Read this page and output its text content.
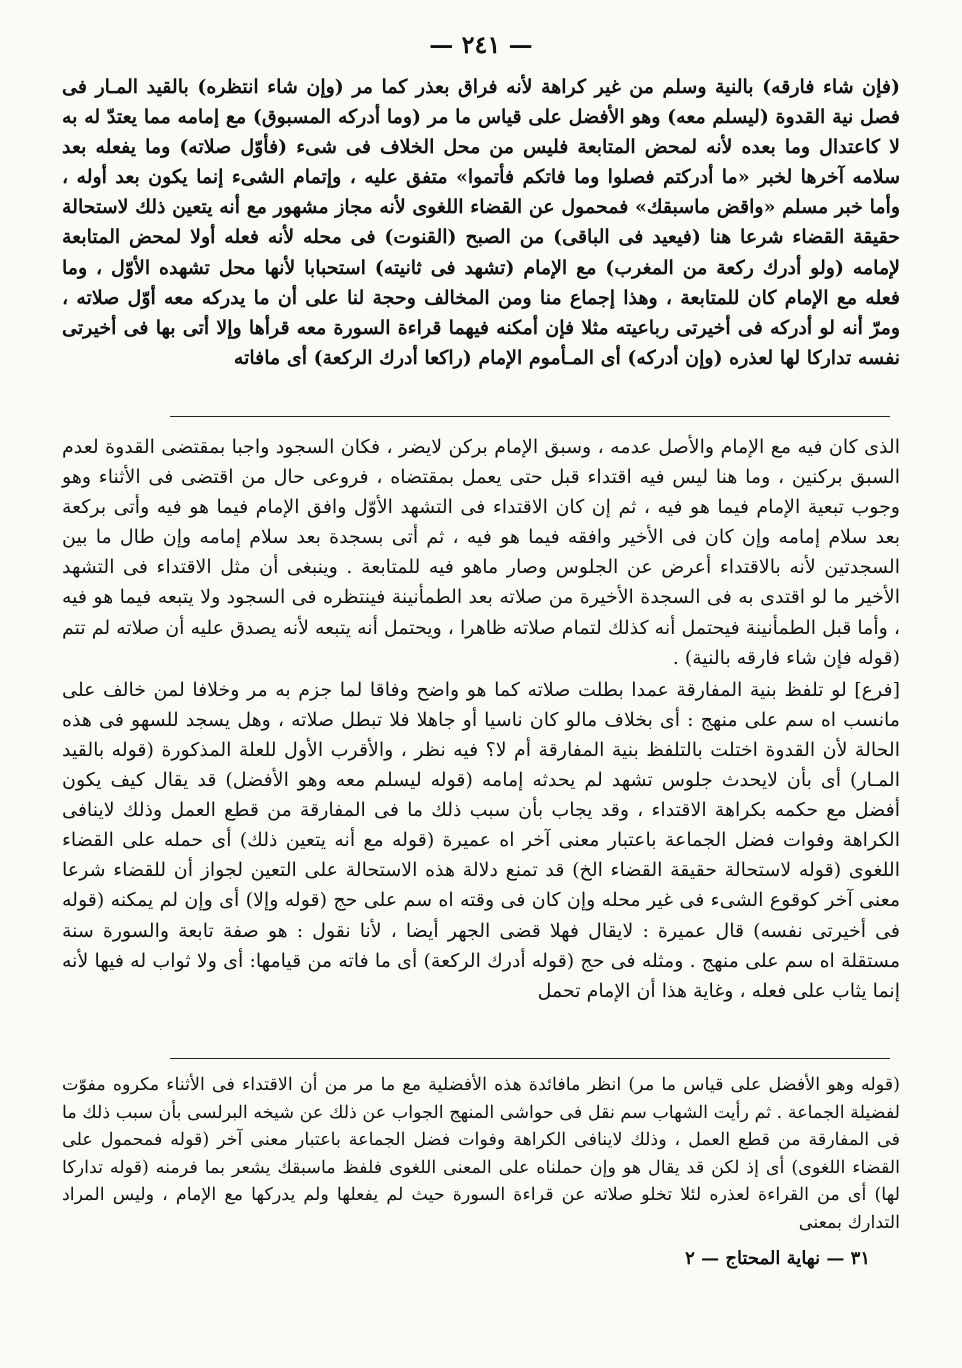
— ٢٤١ —

(فإن شاء فارقه) بالنية وسلم من غير كراهة لأنه فراق بعذر كما مر (وإن شاء انتظره) بالقيد المـار فى فصل نية القدوة (ليسلم معه) وهو الأفضل على قياس ما مر (وما أدركه المسبوق) مع إمامه مما يعتدّ له به لا كاعتدال وما بعده لأنه لمحض المتابعة فليس من محل الخلاف فى شىء (فأوّل صلاته) وما يفعله بعد سلامه آخرها لخبر «ما أدركتم فصلوا وما فاتكم فأتموا» متفق عليه ، وإتمام الشىء إنما يكون بعد أوله ، وأما خبر مسلم «واقض ماسبقك» فمحمول عن القضاء اللغوى لأنه مجاز مشهور مع أنه يتعين ذلك لاستحالة حقيقة القضاء شرعا هنا (فيعيد فى الباقى) من الصبح (القنوت) فى محله لأنه فعله أولا لمحض المتابعة لإمامه (ولو أدرك ركعة من المغرب) مع الإمام (تشهد فى ثانيته) استحبابا لأنها محل تشهده الأوّل ، وما فعله مع الإمام كان للمتابعة ، وهذا إجماع منا ومن المخالف وحجة لنا على أن ما يدركه معه أوّل صلاته ، ومرّ أنه لو أدركه فى أخيرتى رباعيته مثلا فإن أمكنه فيهما قراءة السورة معه قرأها وإلا أتى بها فى أخيرتى نفسه تداركا لها لعذره (وإن أدركه) أى المـأموم الإمام (راكعا أدرك الركعة) أى مافاته

الذى كان فيه مع الإمام والأصل عدمه ، وسبق الإمام بركن لايضر ، فكان السجود واجبا بمقتضى القدوة لعدم السبق بركنين ، وما هنا ليس فيه اقتداء قبل حتى يعمل بمقتضاه ، فروعى حال من اقتضى فى الأثناء وهو وجوب تبعية الإمام فيما هو فيه ، ثم إن كان الاقتداء فى التشهد الأوّل وافق الإمام فيما هو فيه وأتى بركعة بعد سلام إمامه وإن كان فى الأخير وافقه فيما هو فيه ، ثم أتى بسجدة بعد سلام إمامه وإن طال ما بين السجدتين لأنه بالاقتداء أعرض عن الجلوس وصار ماهو فيه للمتابعة . وينبغى أن مثل الاقتداء فى التشهد الأخير ما لو اقتدى به فى السجدة الأخيرة من صلاته بعد الطمأنينة فينتظره فى السجود ولا يتبعه فيما هو فيه ، وأما قبل الطمأنينة فيحتمل أنه كذلك لتمام صلاته ظاهرا ، ويحتمل أنه يتبعه لأنه يصدق عليه أن صلاته لم تتم (قوله فإن شاء فارقه بالنية) .

[فرع] لو تلفظ بنية المفارقة عمدا بطلت صلاته كما هو واضح وفاقا لما جزم به مر وخلافا لمن خالف على مانسب اه سم على منهج : أى بخلاف مالو كان ناسيا أو جاهلا فلا تبطل صلاته ، وهل يسجد للسهو فى هذه الحالة لأن القدوة اختلت بالتلفظ بنية المفارقة أم لا؟ فيه نظر ، والأقرب الأول للعلة المذكورة (قوله بالقيد المـار) أى بأن لايحدث جلوس تشهد لم يحدثه إمامه (قوله ليسلم معه وهو الأفضل) قد يقال كيف يكون أفضل مع حكمه بكراهة الاقتداء ، وقد يجاب بأن سبب ذلك ما فى المفارقة من قطع العمل وذلك لاينافى الكراهة وفوات فضل الجماعة باعتبار معنى آخر اه عميرة (قوله مع أنه يتعين ذلك) أى حمله على القضاء اللغوى (قوله لاستحالة حقيقة القضاء الخ) قد تمنع دلالة هذه الاستحالة على التعين لجواز أن للقضاء شرعا معنى آخر كوقوع الشىء فى غير محله وإن كان فى وقته اه سم على حج (قوله وإلا) أى وإن لم يمكنه (قوله فى أخيرتى نفسه) قال عميرة : لايقال فهلا قضى الجهر أيضا ، لأنا نقول : هو صفة تابعة والسورة سنة مستقلة اه سم على منهج . ومثله فى حج (قوله أدرك الركعة) أى ما فاته من قيامها: أى ولا ثواب له فيها لأنه إنما يثاب على فعله ، وغاية هذا أن الإمام تحمل

(قوله وهو الأفضل على قياس ما مر) انظر مافائدة هذه الأفضلية مع ما مر من أن الاقتداء فى الأثناء مكروه مفوّت لفضيلة الجماعة . ثم رأيت الشهاب سم نقل فى حواشى المنهج الجواب عن ذلك عن شيخه البرلسى بأن سبب ذلك ما فى المفارقة من قطع العمل ، وذلك لاينافى الكراهة وفوات فضل الجماعة باعتبار معنى آخر (قوله فمحمول على القضاء اللغوى) أى إذ لكن قد يقال هو وإن حملناه على المعنى اللغوى فلفظ ماسبقك يشعر بما فرمنه (قوله تداركا لها) أى من القراءة لعذره لئلا تخلو صلاته عن قراءة السورة حيث لم يفعلها ولم يدركها مع الإمام ، وليس المراد التدارك بمعنى

٣١ — نهاية المحتاج — ٢
